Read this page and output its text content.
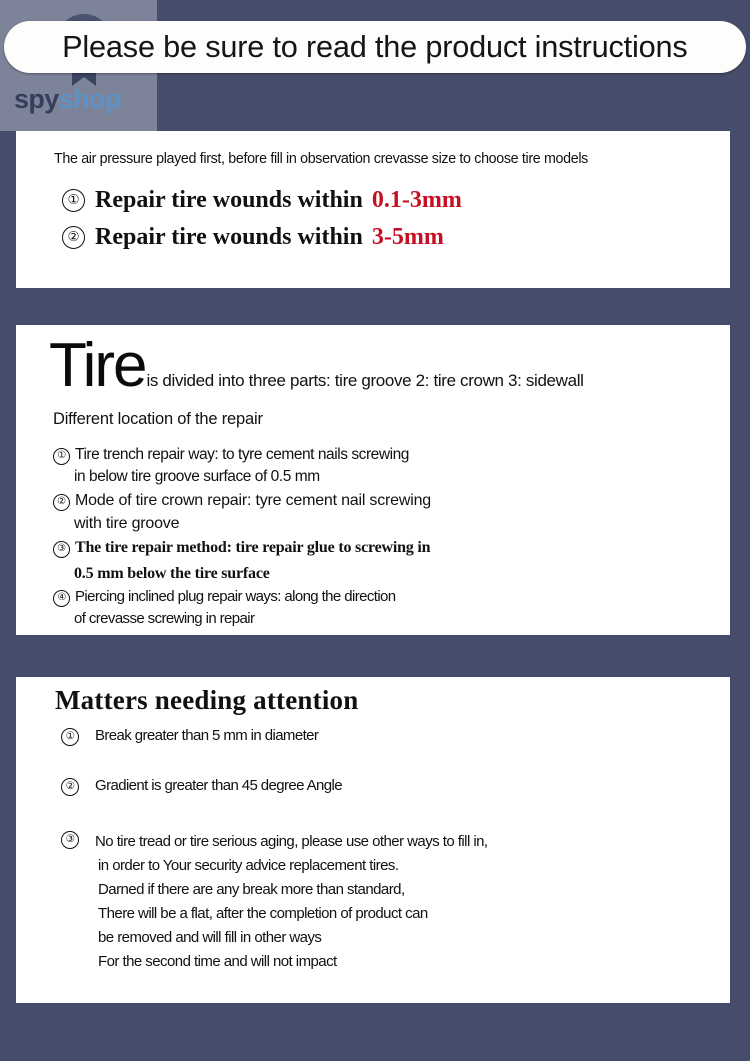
spyshop
Please be sure to read the product instructions
The air pressure played first, before fill in observation crevasse size to choose tire models
① Repair tire wounds within 0.1-3mm
② Repair tire wounds within 3-5mm
Tire is divided into three parts: tire groove 2: tire crown 3: sidewall
Different location of the repair
① Tire trench repair way: to tyre cement nails screwing
in below tire groove surface of 0.5 mm
② Mode of tire crown repair: tyre cement nail screwing
with tire groove
③ The tire repair method: tire repair glue to screwing in
0.5 mm below the tire surface
④ Piercing inclined plug repair ways: along the direction
of crevasse screwing in repair
Matters needing attention
①	Break greater than 5 mm in diameter
②	Gradient is greater than 45 degree Angle
③	No tire tread or tire serious aging, please use other ways to fill in,
in order to Your security advice replacement tires.
Darned if there are any break more than standard,
There will be a flat, after the completion of product can
be removed and will fill in other ways
For the second time and will not impact
